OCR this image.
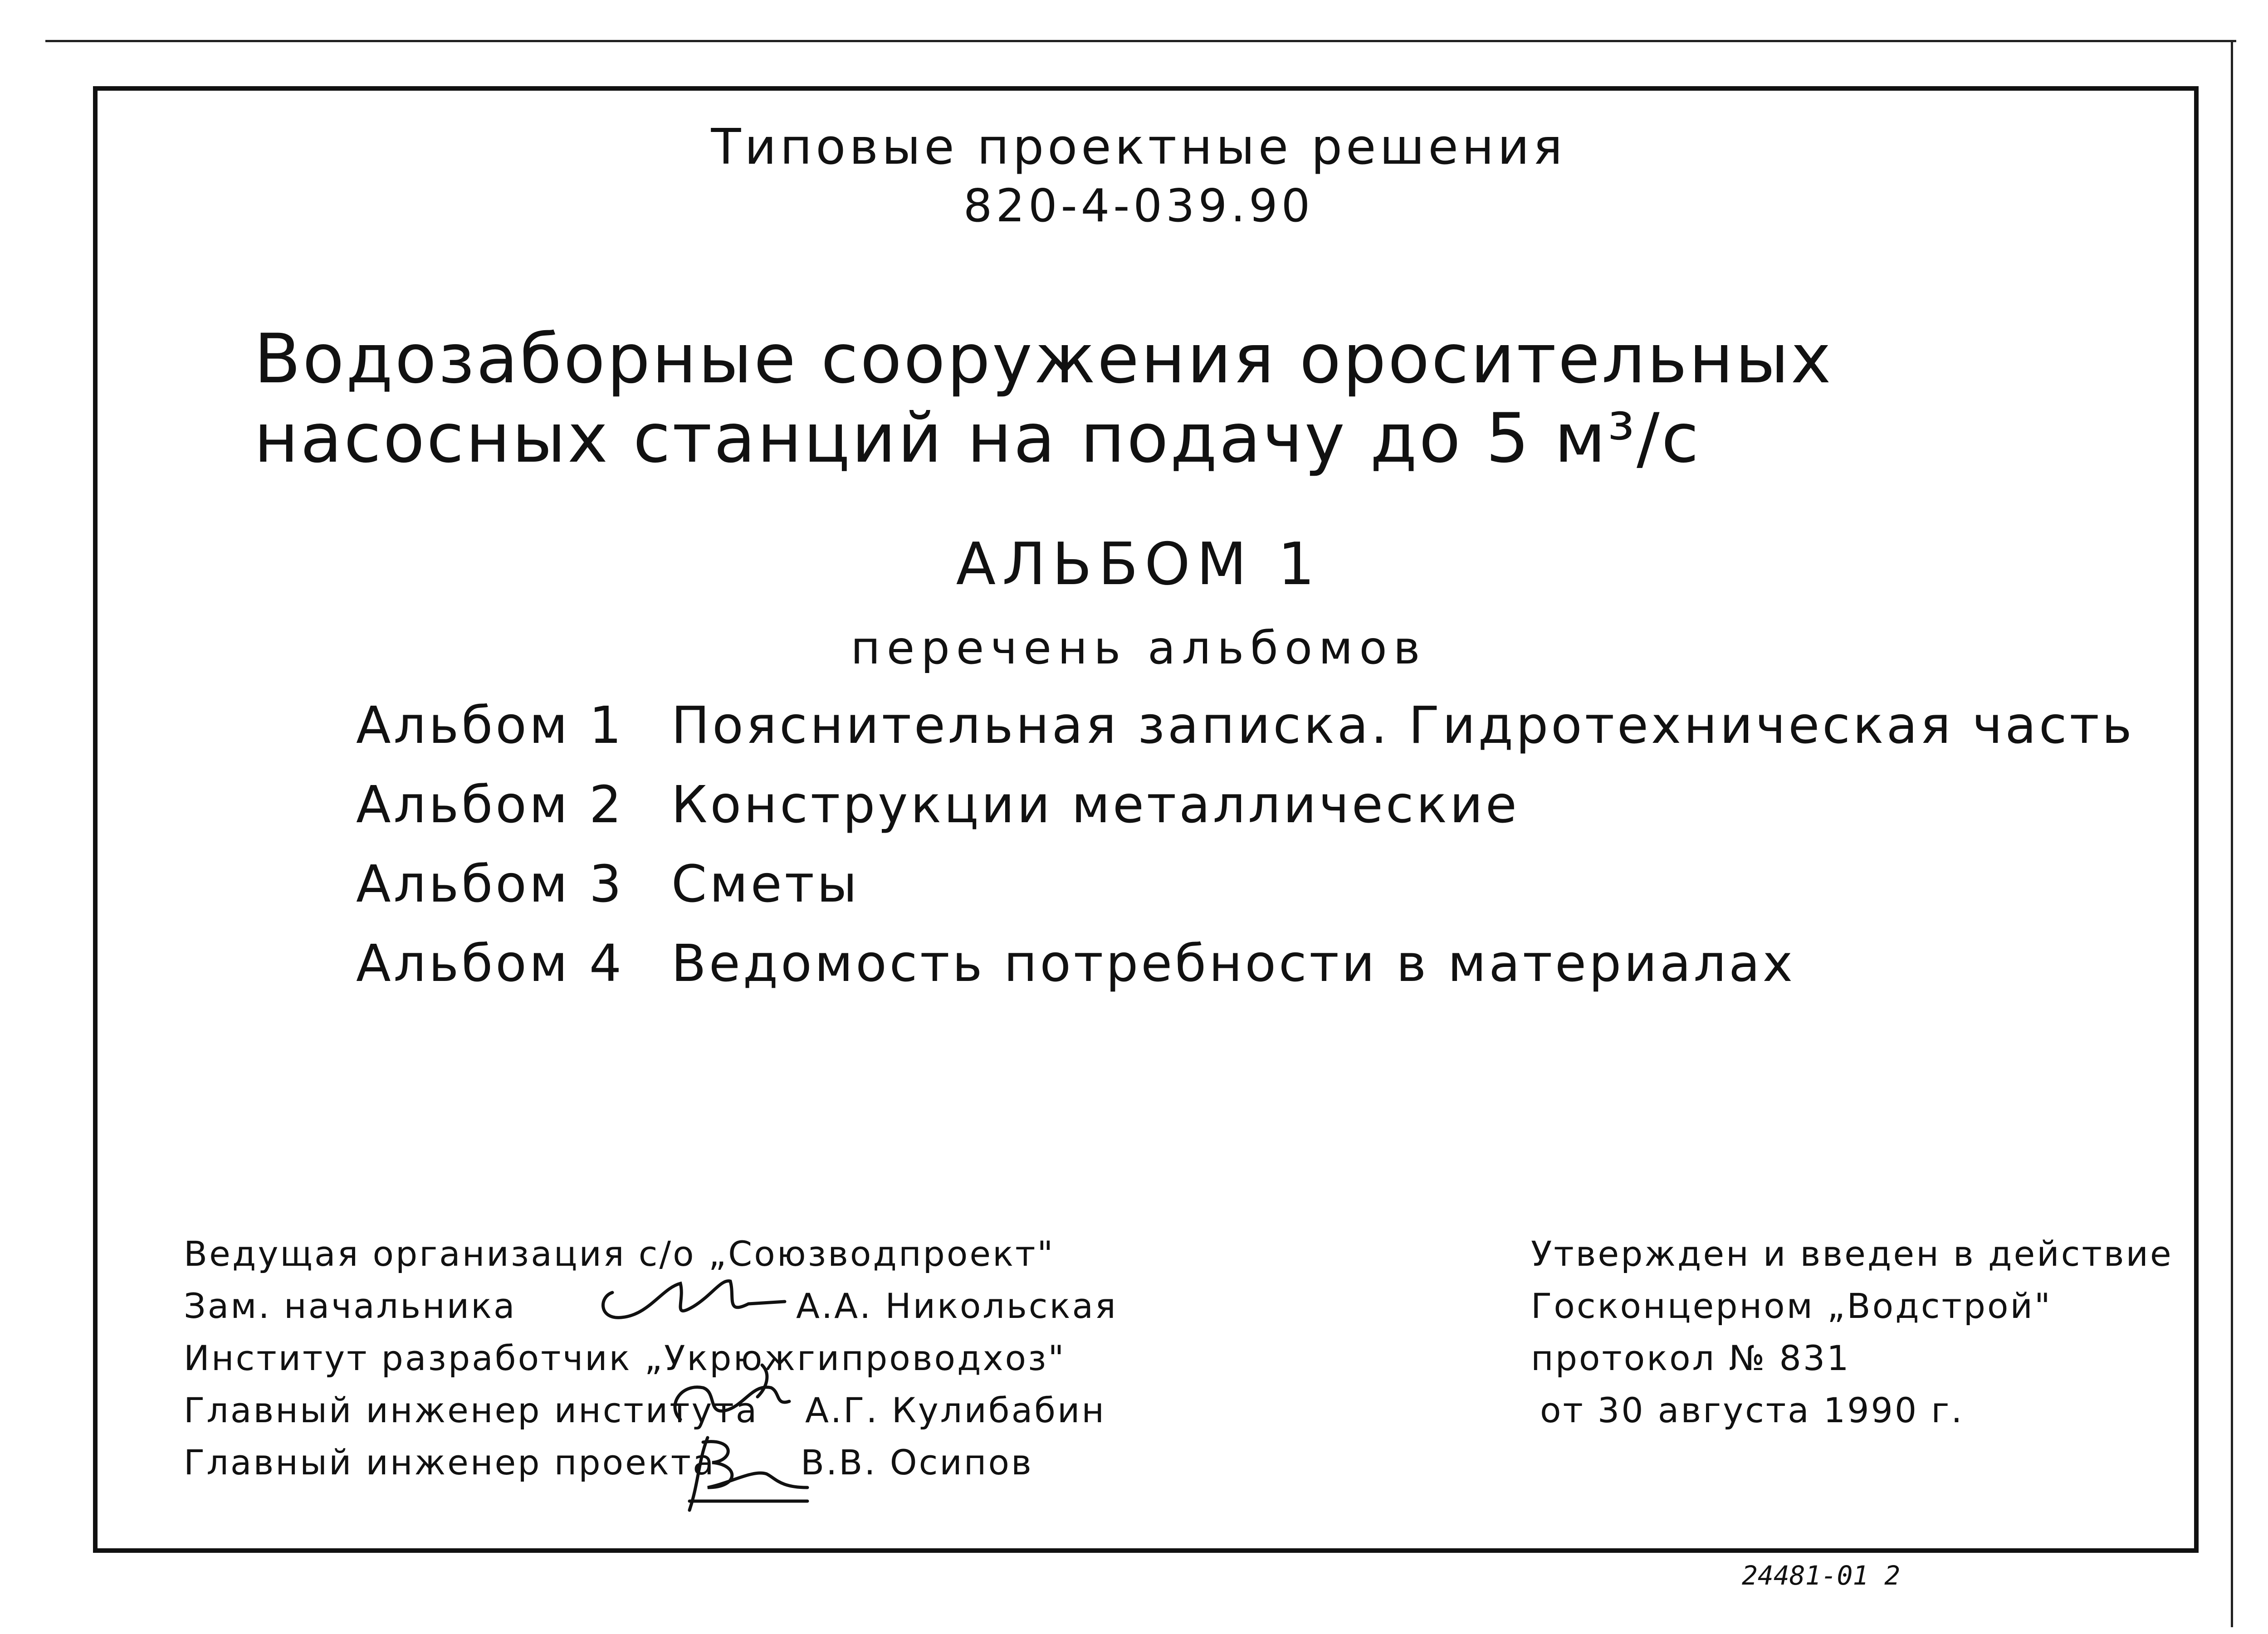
Типовые проектные решения
820-4-039.90
Водозаборные сооружения оросительных
насосных станций на подачу до 5 м³/с
АЛЬБОМ 1
перечень альбомов
Альбом 1 Пояснительная записка. Гидротехническая часть
Альбом 2 Конструкции металлические
Альбом 3 Сметы
Альбом 4 Ведомость потребности в материалах
Ведущая организация с/о „Союзводпроект"
Зам. начальника	А.А. Никольская
Институт разработчик „Укрюжгипроводхоз"
Главный инженер института А.Г. Кулибабин
Главный инженер проекта В.В. Осипов
Утвержден и введен в действие
Госконцерном „Водстрой"
протокол № 831
от 30 августа 1990 г.
24481-01 2
